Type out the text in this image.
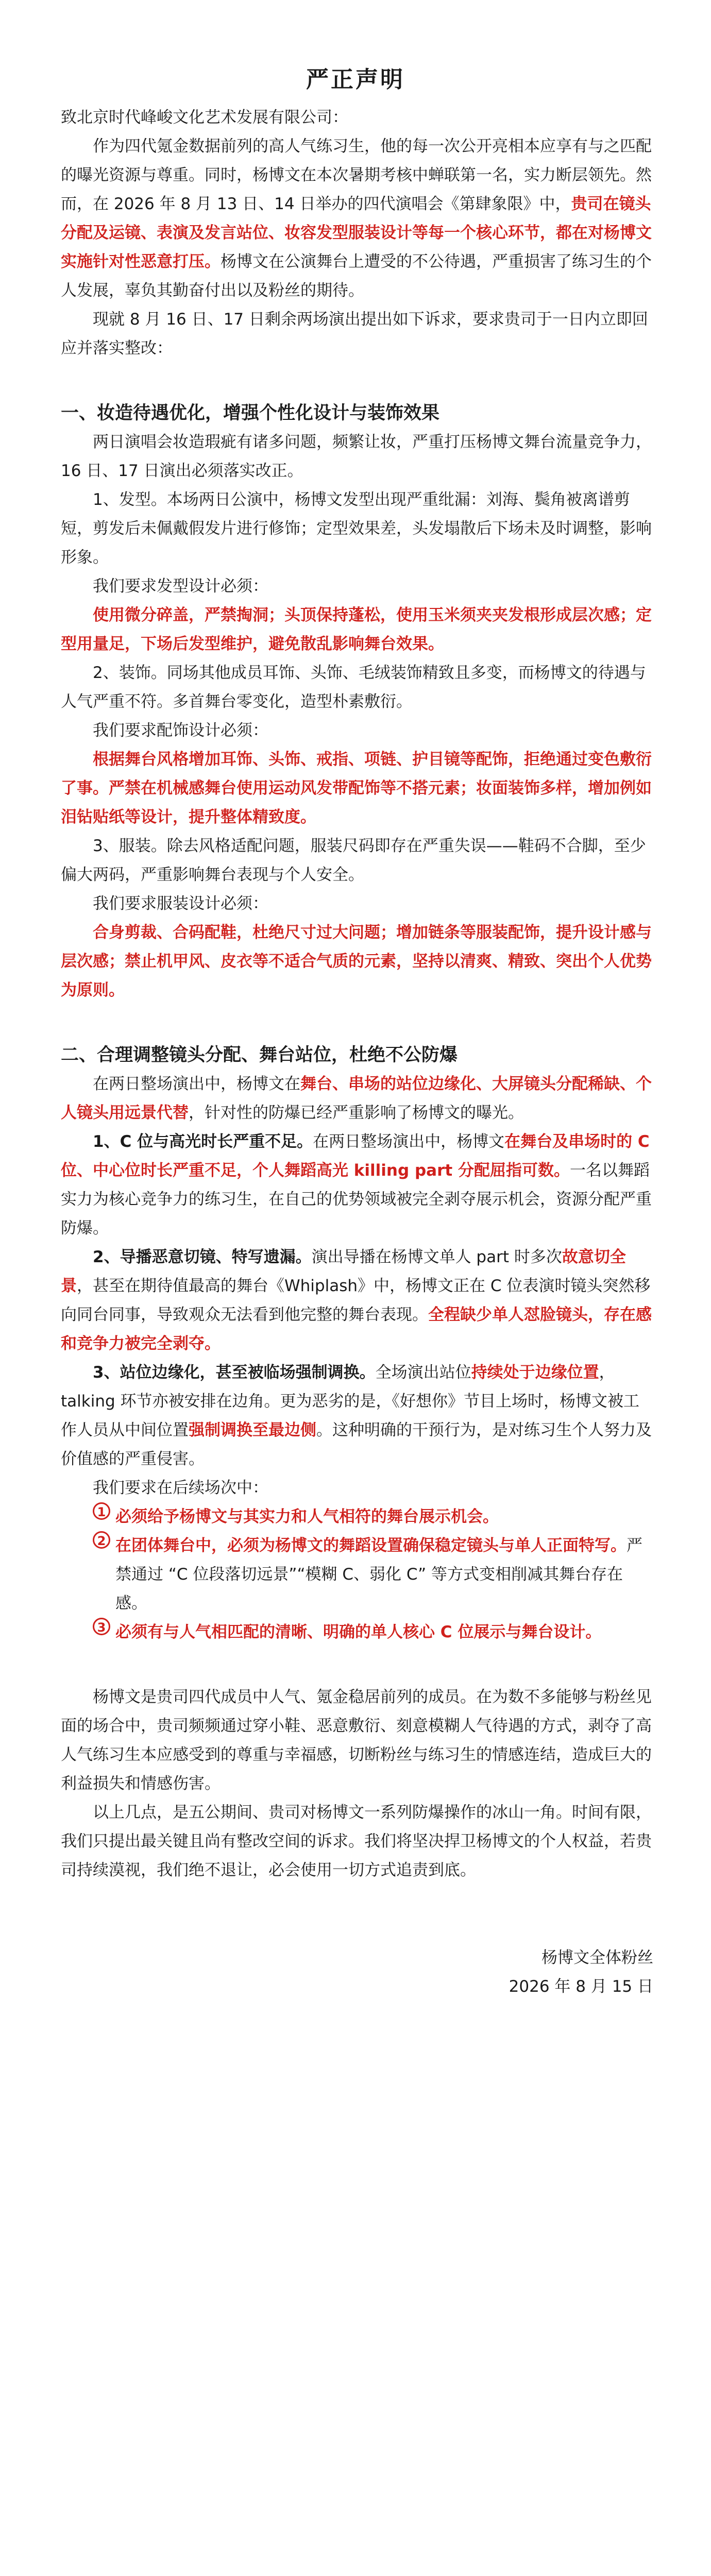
严正声明

致北京时代峰峻文化艺术发展有限公司：

作为四代氪金数据前列的高人气练习生，他的每一次公开亮相本应享有与之匹配的曝光资源与尊重。同时，杨博文在本次暑期考核中蝉联第一名，实力断层领先。然而，在 2026 年 8 月 13 日、14 日举办的四代演唱会《第肆象限》中，贵司在镜头分配及运镜、表演及发言站位、妆容发型服装设计等每一个核心环节，都在对杨博文实施针对性恶意打压。杨博文在公演舞台上遭受的不公待遇，严重损害了练习生的个人发展，辜负其勤奋付出以及粉丝的期待。

现就 8 月 16 日、17 日剩余两场演出提出如下诉求，要求贵司于一日内立即回应并落实整改：

一、妆造待遇优化，增强个性化设计与装饰效果

两日演唱会妆造瑕疵有诸多问题，频繁让妆，严重打压杨博文舞台流量竞争力，16 日、17 日演出必须落实改正。

1、发型。本场两日公演中，杨博文发型出现严重纰漏：刘海、鬓角被离谱剪短，剪发后未佩戴假发片进行修饰；定型效果差，头发塌散后下场未及时调整，影响形象。

我们要求发型设计必须：

使用微分碎盖，严禁掏洞；头顶保持蓬松，使用玉米须夹夹发根形成层次感；定型用量足，下场后发型维护，避免散乱影响舞台效果。

2、装饰。同场其他成员耳饰、头饰、毛绒装饰精致且多变，而杨博文的待遇与人气严重不符。多首舞台零变化，造型朴素敷衍。

我们要求配饰设计必须：

根据舞台风格增加耳饰、头饰、戒指、项链、护目镜等配饰，拒绝通过变色敷衍了事。严禁在机械感舞台使用运动风发带配饰等不搭元素；妆面装饰多样，增加例如泪钻贴纸等设计，提升整体精致度。

3、服装。除去风格适配问题，服装尺码即存在严重失误——鞋码不合脚，至少偏大两码，严重影响舞台表现与个人安全。

我们要求服装设计必须：

合身剪裁、合码配鞋，杜绝尺寸过大问题；增加链条等服装配饰，提升设计感与层次感；禁止机甲风、皮衣等不适合气质的元素，坚持以清爽、精致、突出个人优势为原则。

二、合理调整镜头分配、舞台站位，杜绝不公防爆

在两日整场演出中，杨博文在舞台、串场的站位边缘化、大屏镜头分配稀缺、个人镜头用远景代替，针对性的防爆已经严重影响了杨博文的曝光。

1、C 位与高光时长严重不足。在两日整场演出中，杨博文在舞台及串场时的 C 位、中心位时长严重不足，个人舞蹈高光 killing part 分配屈指可数。一名以舞蹈实力为核心竞争力的练习生，在自己的优势领域被完全剥夺展示机会，资源分配严重防爆。

2、导播恶意切镜、特写遗漏。演出导播在杨博文单人 part 时多次故意切全景，甚至在期待值最高的舞台《Whiplash》中，杨博文正在 C 位表演时镜头突然移向同台同事，导致观众无法看到他完整的舞台表现。全程缺少单人怼脸镜头，存在感和竞争力被完全剥夺。

3、站位边缘化，甚至被临场强制调换。全场演出站位持续处于边缘位置，talking 环节亦被安排在边角。更为恶劣的是，《好想你》节目上场时，杨博文被工作人员从中间位置强制调换至最边侧。这种明确的干预行为，是对练习生个人努力及价值感的严重侵害。

我们要求在后续场次中：

1 必须给予杨博文与其实力和人气相符的舞台展示机会。
2 在团体舞台中，必须为杨博文的舞蹈设置确保稳定镜头与单人正面特写。严禁通过 “C 位段落切远景”“模糊 C、弱化 C” 等方式变相削减其舞台存在感。
3 必须有与人气相匹配的清晰、明确的单人核心 C 位展示与舞台设计。

杨博文是贵司四代成员中人气、氪金稳居前列的成员。在为数不多能够与粉丝见面的场合中，贵司频频通过穿小鞋、恶意敷衍、刻意模糊人气待遇的方式，剥夺了高人气练习生本应感受到的尊重与幸福感，切断粉丝与练习生的情感连结，造成巨大的利益损失和情感伤害。

以上几点，是五公期间、贵司对杨博文一系列防爆操作的冰山一角。时间有限，我们只提出最关键且尚有整改空间的诉求。我们将坚决捍卫杨博文的个人权益，若贵司持续漠视，我们绝不退让，必会使用一切方式追责到底。

杨博文全体粉丝

2026 年 8 月 15 日
